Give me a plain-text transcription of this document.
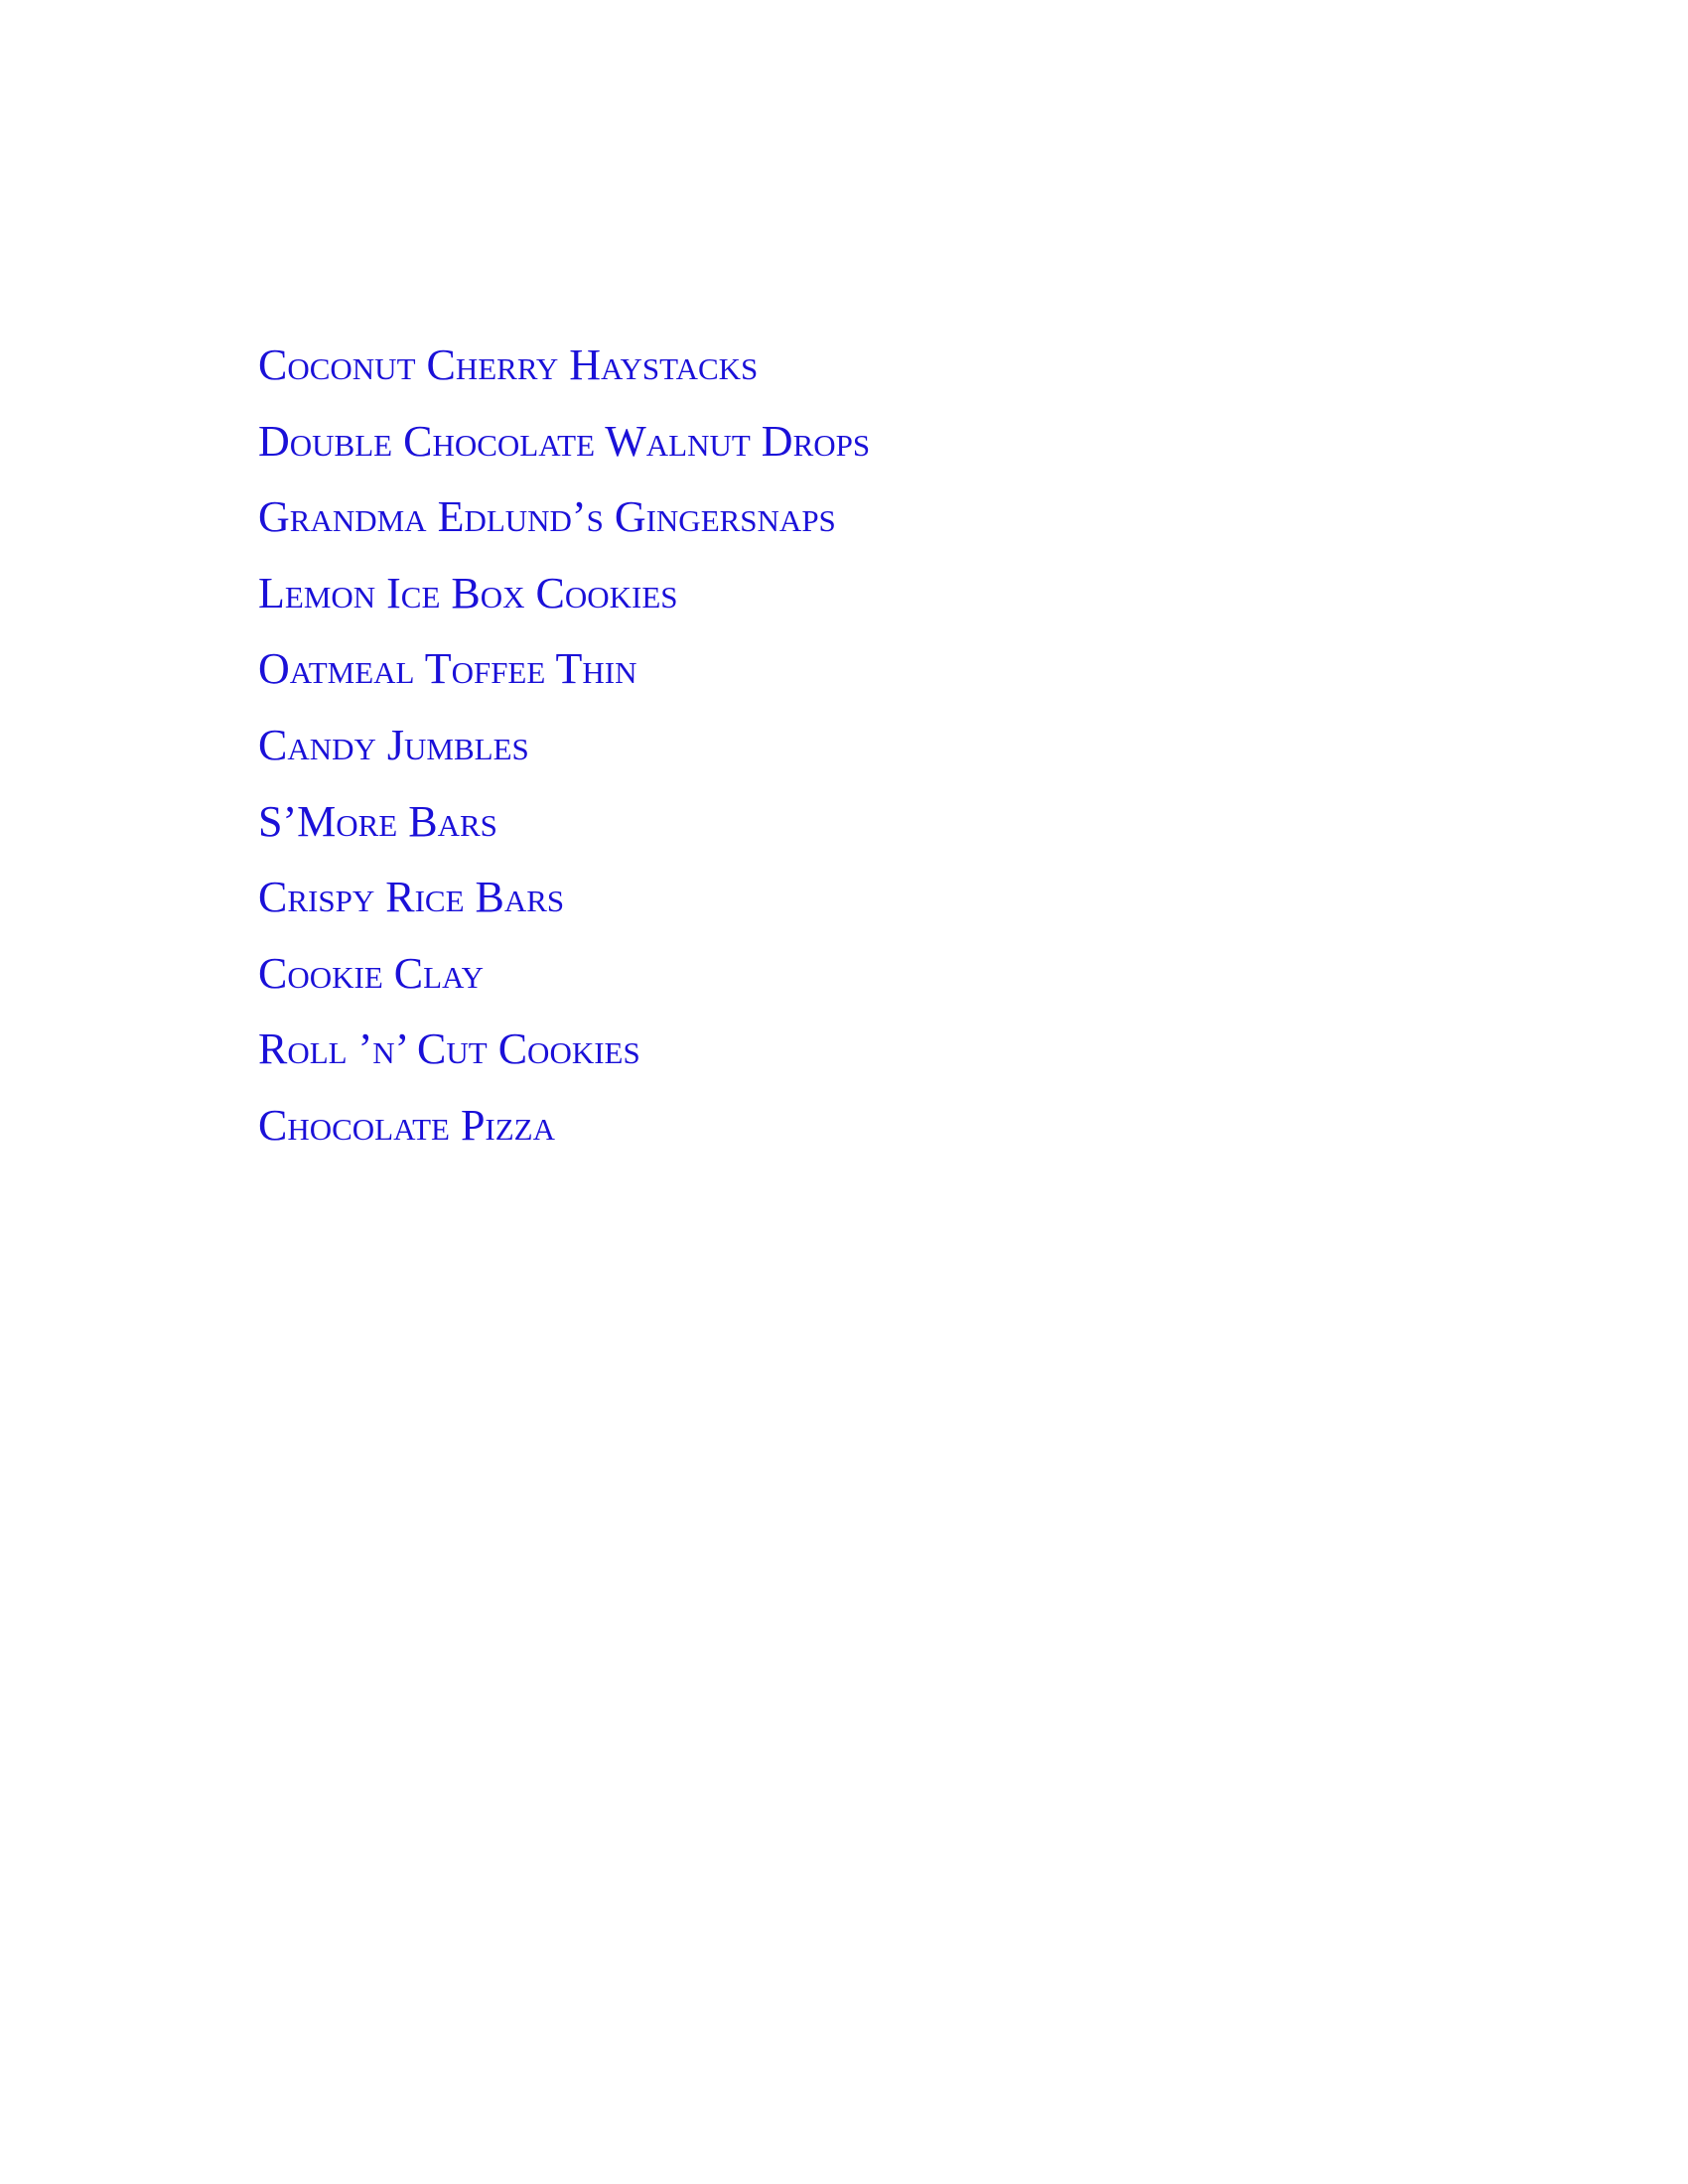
Coconut Cherry Haystacks
Double Chocolate Walnut Drops
Grandma Edlund’s Gingersnaps
Lemon Ice Box Cookies
Oatmeal Toffee Thin
Candy Jumbles
S’More Bars
Crispy Rice Bars
Cookie Clay
Roll ’n’ Cut Cookies
Chocolate Pizza
